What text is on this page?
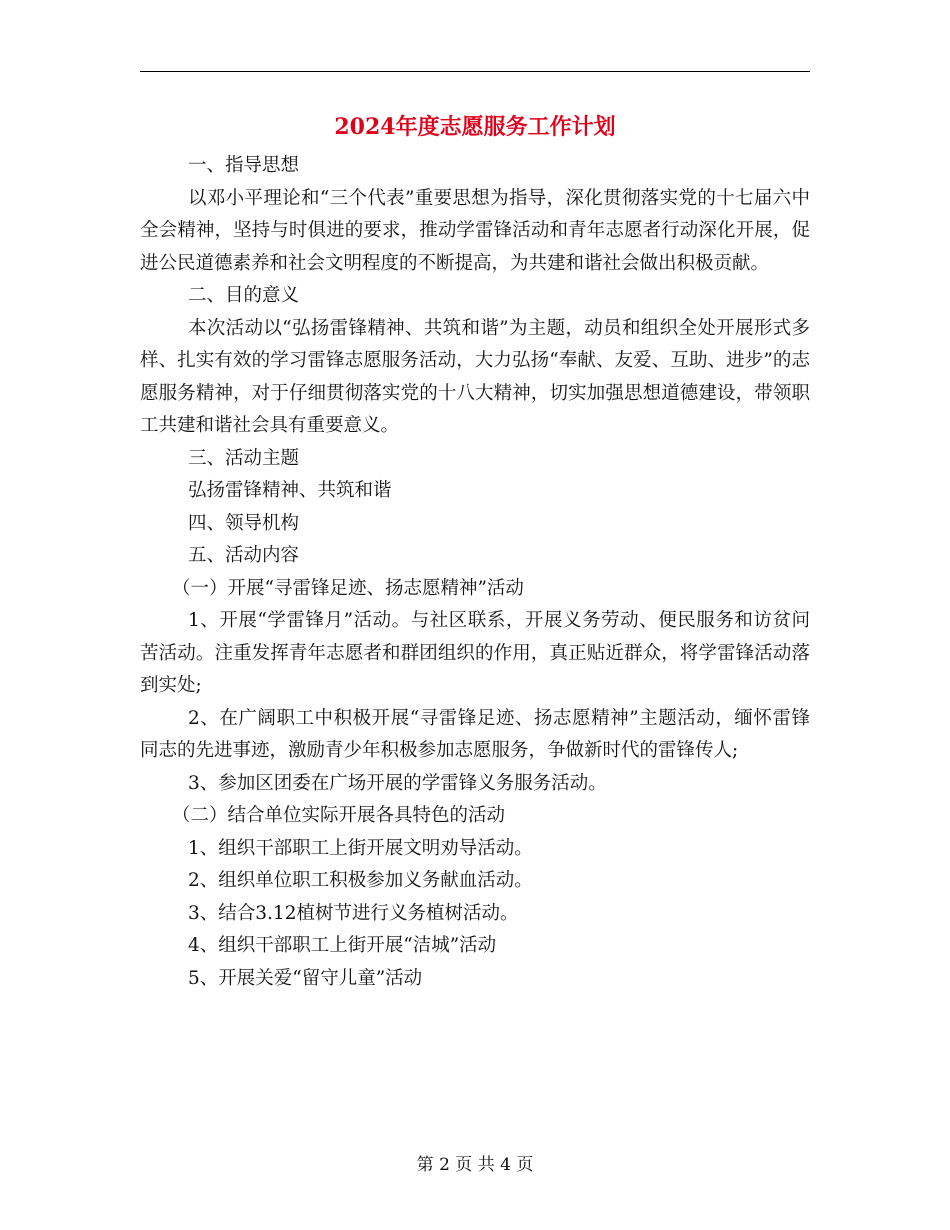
2024年度志愿服务工作计划

一、指导思想

以邓小平理论和“三个代表”重要思想为指导，深化贯彻落实党的十七届六中全会精神，坚持与时俱进的要求，推动学雷锋活动和青年志愿者行动深化开展，促进公民道德素养和社会文明程度的不断提高，为共建和谐社会做出积极贡献。

二、目的意义

本次活动以“弘扬雷锋精神、共筑和谐”为主题，动员和组织全处开展形式多样、扎实有效的学习雷锋志愿服务活动，大力弘扬“奉献、友爱、互助、进步”的志愿服务精神，对于仔细贯彻落实党的十八大精神，切实加强思想道德建设，带领职工共建和谐社会具有重要意义。

三、活动主题

弘扬雷锋精神、共筑和谐

四、领导机构

五、活动内容

（一）开展“寻雷锋足迹、扬志愿精神”活动

1、开展“学雷锋月”活动。与社区联系，开展义务劳动、便民服务和访贫问苦活动。注重发挥青年志愿者和群团组织的作用，真正贴近群众，将学雷锋活动落到实处;

2、在广阔职工中积极开展“寻雷锋足迹、扬志愿精神”主题活动，缅怀雷锋同志的先进事迹，激励青少年积极参加志愿服务，争做新时代的雷锋传人;

3、参加区团委在广场开展的学雷锋义务服务活动。

（二）结合单位实际开展各具特色的活动

1、组织干部职工上街开展文明劝导活动。

2、组织单位职工积极参加义务献血活动。

3、结合3.12植树节进行义务植树活动。

4、组织干部职工上街开展“洁城”活动

5、开展关爱“留守儿童”活动

第 2 页 共 4 页
